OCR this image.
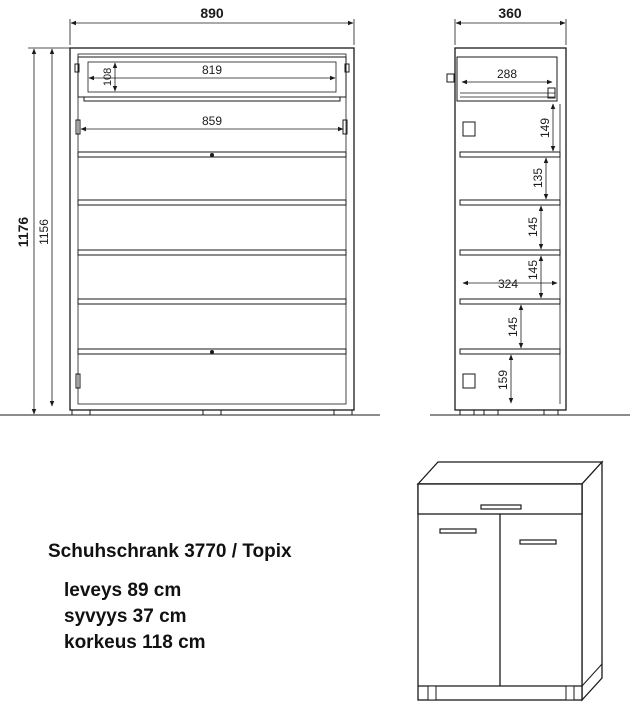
890
1176 1156
819
108
859
360
288
149
135
145
145
324
145
159
Schuhschrank 3770 / Topix
leveys 89 cm
syvyys 37 cm
korkeus 118 cm
